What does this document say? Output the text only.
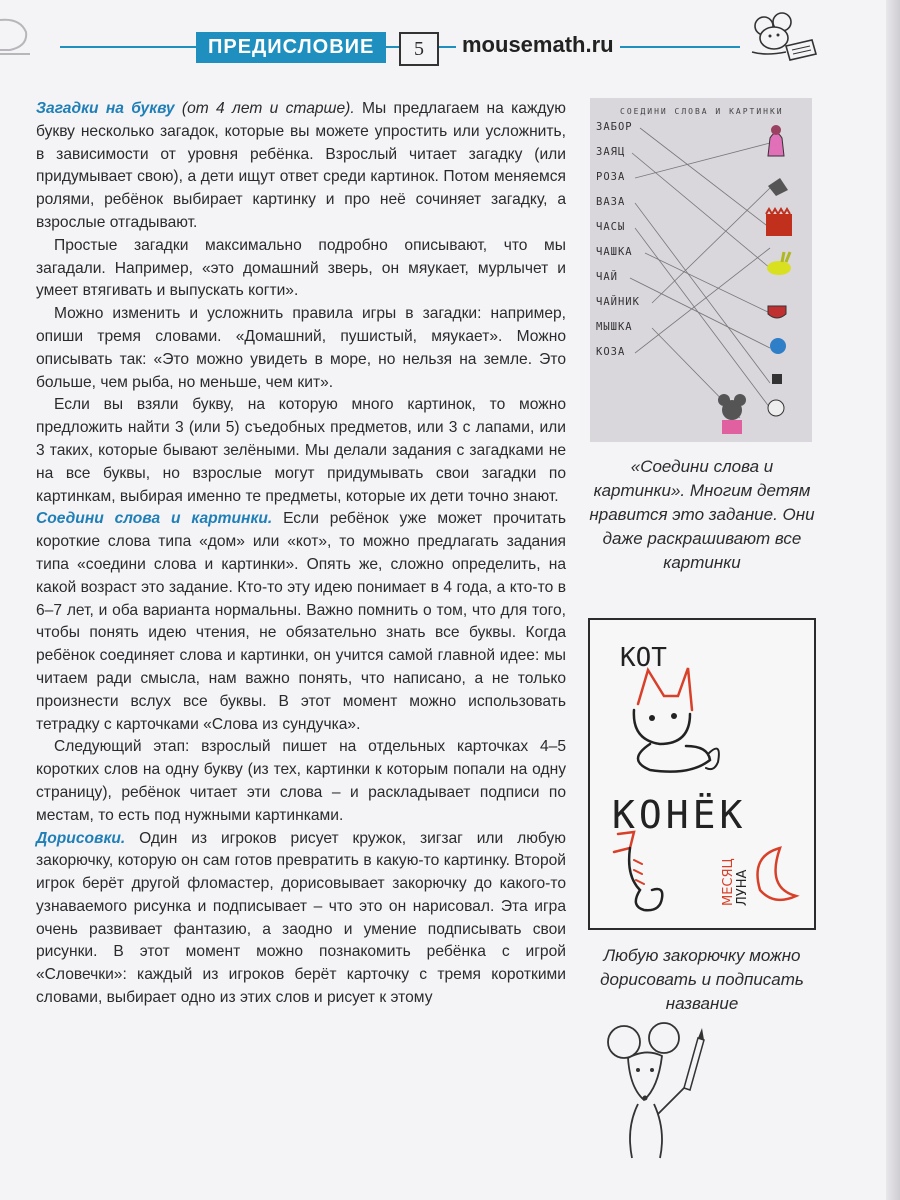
ПРЕДИСЛОВИЕ	5	mousemath.ru

Загадки на букву (от 4 лет и старше). Мы предлагаем на каждую букву несколько загадок, которые вы можете упростить или усложнить, в зависимости от уровня ребёнка. Взрослый читает загадку (или придумывает свою), а дети ищут ответ среди картинок. Потом меняемся ролями, ребёнок выбирает картинку и про неё сочиняет загадку, а взрослые отгадывают.

Простые загадки максимально подробно описывают, что мы загадали. Например, «это домашний зверь, он мяукает, мурлычет и умеет втягивать и выпускать когти».

Можно изменить и усложнить правила игры в загадки: например, опиши тремя словами. «Домашний, пушистый, мяукает». Можно описывать так: «Это можно увидеть в море, но нельзя на земле. Это больше, чем рыба, но меньше, чем кит».

Если вы взяли букву, на которую много картинок, то можно предложить найти 3 (или 5) съедобных предметов, или 3 с лапами, или 3 таких, которые бывают зелёными. Мы делали задания с загадками не на все буквы, но взрослые могут придумывать свои загадки по картинкам, выбирая именно те предметы, которые их дети точно знают.

Соедини слова и картинки. Если ребёнок уже может прочитать короткие слова типа «дом» или «кот», то можно предлагать задания типа «соедини слова и картинки». Опять же, сложно определить, на какой возраст это задание. Кто-то эту идею понимает в 4 года, а кто-то в 6–7 лет, и оба варианта нормальны. Важно помнить о том, что для того, чтобы понять идею чтения, не обязательно знать все буквы. Когда ребёнок соединяет слова и картинки, он учится самой главной идее: мы читаем ради смысла, нам важно понять, что написано, а не только произнести вслух все буквы. В этот момент можно использовать тетрадку с карточками «Слова из сундучка».

Следующий этап: взрослый пишет на отдельных карточках 4–5 коротких слов на одну букву (из тех, картинки к которым попали на одну страницу), ребёнок читает эти слова – и раскладывает подписи по местам, то есть под нужными картинками.

Дорисовки. Один из игроков рисует кружок, зигзаг или любую закорючку, которую он сам готов превратить в какую-то картинку. Второй игрок берёт другой фломастер, дорисовывает закорючку до какого-то узнаваемого рисунка и подписывает – что это он нарисовал. Эта игра очень развивает фантазию, а заодно и умение подписывать свои рисунки. В этот момент можно познакомить ребёнка с игрой «Словечки»: каждый из игроков берёт карточку с тремя короткими словами, выбирает одно из этих слов и рисует к этому

СОЕДИНИ СЛОВА И КАРТИНКИ
ЗАБОР
ЗАЯЦ
РОЗА
ВАЗА
ЧАСЫ
ЧАШКА
ЧАЙ
ЧАЙНИК
МЫШКА
КОЗА
«Соедини слова и картинки». Многим детям нравится это задание. Они даже раскрашивают все картинки
КОТ
КОНЁК
МЕСЯЦ ЛУНА
Любую закорючку можно дорисовать и подписать название
